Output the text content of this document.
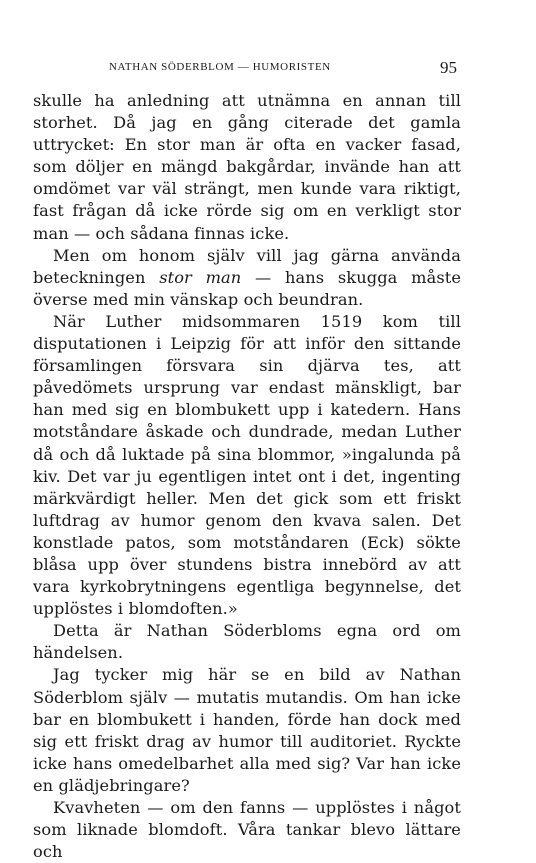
NATHAN SÖDERBLOM — HUMORISTEN	95

skulle ha anledning att utnämna en annan till storhet. Då jag en gång citerade det gamla uttrycket: En stor man är ofta en vacker fasad, som döljer en mängd bakgårdar, invände han att omdömet var väl strängt, men kunde vara riktigt, fast frågan då icke rörde sig om en verkligt stor man — och sådana finnas icke.

Men om honom själv vill jag gärna använda beteckningen stor man — hans skugga måste överse med min vänskap och beundran.

När Luther midsommaren 1519 kom till disputationen i Leipzig för att inför den sittande församlingen försvara sin djärva tes, att påvedömets ursprung var endast mänskligt, bar han med sig en blombukett upp i katedern. Hans motståndare åskade och dundrade, medan Luther då och då luktade på sina blommor, »ingalunda på kiv. Det var ju egentligen intet ont i det, ingenting märkvärdigt heller. Men det gick som ett friskt luftdrag av humor genom den kvava salen. Det konstlade patos, som motståndaren (Eck) sökte blåsa upp över stundens bistra innebörd av att vara kyrkobrytningens egentliga begynnelse, det upplöstes i blomdoften.»

Detta är Nathan Söderbloms egna ord om händelsen.

Jag tycker mig här se en bild av Nathan Söderblom själv — mutatis mutandis. Om han icke bar en blombukett i handen, förde han dock med sig ett friskt drag av humor till auditoriet. Ryckte icke hans omedelbarhet alla med sig? Var han icke en glädjebringare?

Kvavheten — om den fanns — upplöstes i något som liknade blomdoft. Våra tankar blevo lättare och
